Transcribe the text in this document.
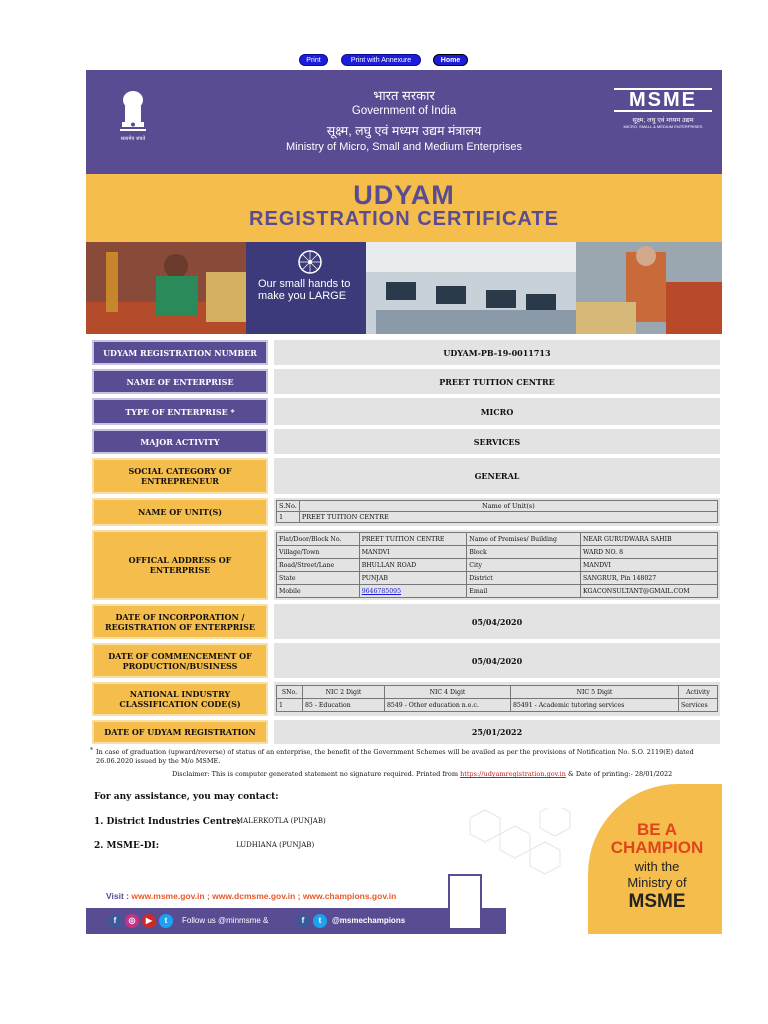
Print	Print with Annexure	Home
सत्यमेव जयते
भारत सरकार
Government of India
सूक्ष्म, लघु एवं मध्यम उद्यम मंत्रालय
Ministry of Micro, Small and Medium Enterprises
MSME
सूक्ष्म, लघु एवं मध्यम उद्यम
MICRO, SMALL & MEDIUM ENTERPRISES
UDYAM
REGISTRATION CERTIFICATE
Our small hands to
make you LARGE
UDYAM REGISTRATION NUMBER	UDYAM-PB-19-0011713
NAME OF ENTERPRISE	PREET TUITION CENTRE
TYPE OF ENTERPRISE *	MICRO
MAJOR ACTIVITY	SERVICES
SOCIAL CATEGORY OF ENTREPRENEUR	GENERAL
NAME OF UNIT(S)
S.No.	Name of Unit(s)
1	PREET TUITION CENTRE
OFFICAL ADDRESS OF ENTERPRISE
Flat/Door/Block No.	PREET TUITION CENTRE	Name of Premises/ Building	NEAR GURUDWARA SAHIB
Village/Town	MANDVI	Block	WARD NO. 8
Road/Street/Lane	BHULLAN ROAD	City	MANDVI
State	PUNJAB	District	SANGRUR, Pin 148027
Mobile	9646785095	Email	KGACONSULTANT@GMAIL.COM
DATE OF INCORPORATION / REGISTRATION OF ENTERPRISE	05/04/2020
DATE OF COMMENCEMENT OF PRODUCTION/BUSINESS	05/04/2020
NATIONAL INDUSTRY CLASSIFICATION CODE(S)
SNo.	NIC 2 Digit	NIC 4 Digit	NIC 5 Digit	Activity
1	85 - Education	8549 - Other education n.e.c.	85491 - Academic tutoring services	Services
DATE OF UDYAM REGISTRATION	25/01/2022
* In case of graduation (upward/reverse) of status of an enterprise, the benefit of the Government Schemes will be availed as per the provisions of Notification No. S.O. 2119(E) dated 26.06.2020 issued by the M/o MSME.
Disclaimer: This is computer generated statement no signature required. Printed from https://udyamregistration.gov.in & Date of printing:- 28/01/2022
BE A
CHAMPION
with the
Ministry of
MSME
For any assistance, you may contact:
1. District Industries Centre:
MALERKOTLA (PUNJAB)
2. MSME-DI:	LUDHIANA (PUNJAB)
Visit : www.msme.gov.in ; www.dcmsme.gov.in ; www.champions.gov.in
f	◎	▶	t	Follow us @minmsme &	f	t	@msmechampions
